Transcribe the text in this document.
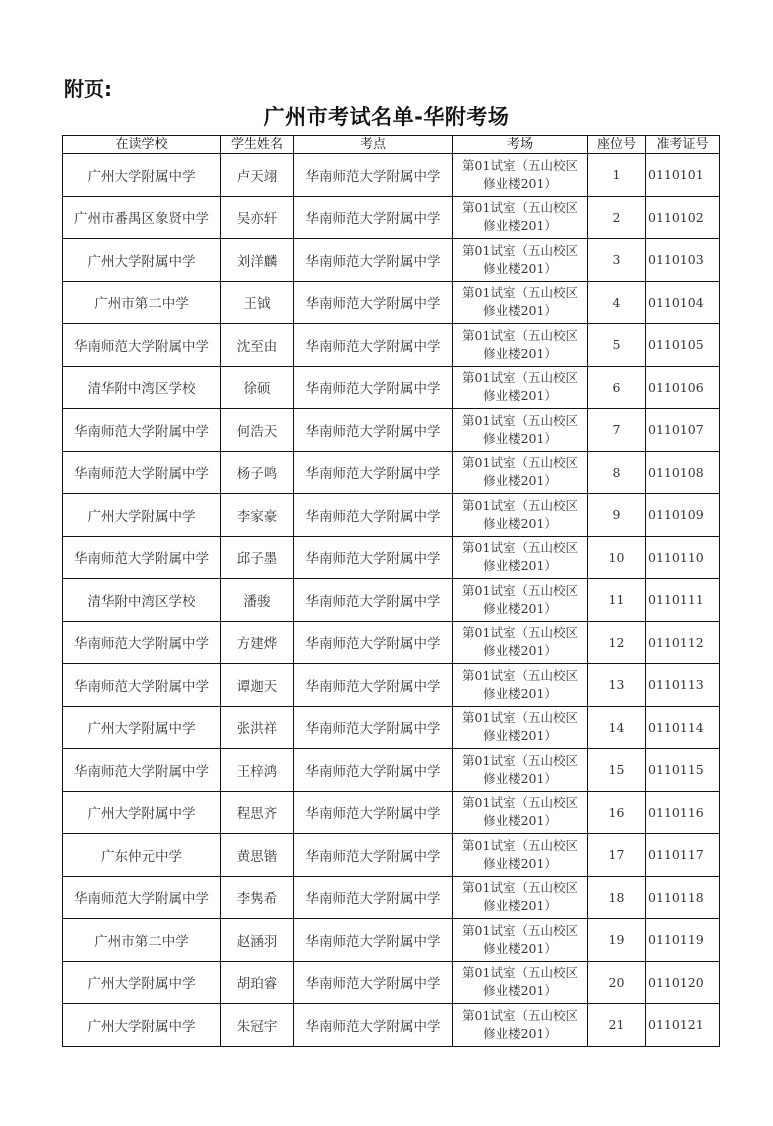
附页:
广州市考试名单-华附考场
在读学校	学生姓名	考点	考场	座位号	准考证号
广州大学附属中学	卢天翊	华南师范大学附属中学	第01试室（五山校区
修业楼201）	1	0110101
广州市番禺区象贤中学	吴亦轩	华南师范大学附属中学	第01试室（五山校区
修业楼201）	2	0110102
广州大学附属中学	刘洋麟	华南师范大学附属中学	第01试室（五山校区
修业楼201）	3	0110103
广州市第二中学	王钺	华南师范大学附属中学	第01试室（五山校区
修业楼201）	4	0110104
华南师范大学附属中学	沈至由	华南师范大学附属中学	第01试室（五山校区
修业楼201）	5	0110105
清华附中湾区学校	徐硕	华南师范大学附属中学	第01试室（五山校区
修业楼201）	6	0110106
华南师范大学附属中学	何浩天	华南师范大学附属中学	第01试室（五山校区
修业楼201）	7	0110107
华南师范大学附属中学	杨子鸣	华南师范大学附属中学	第01试室（五山校区
修业楼201）	8	0110108
广州大学附属中学	李家豪	华南师范大学附属中学	第01试室（五山校区
修业楼201）	9	0110109
华南师范大学附属中学	邱子墨	华南师范大学附属中学	第01试室（五山校区
修业楼201）	10	0110110
清华附中湾区学校	潘骏	华南师范大学附属中学	第01试室（五山校区
修业楼201）	11	0110111
华南师范大学附属中学	方建烨	华南师范大学附属中学	第01试室（五山校区
修业楼201）	12	0110112
华南师范大学附属中学	谭迦天	华南师范大学附属中学	第01试室（五山校区
修业楼201）	13	0110113
广州大学附属中学	张洪祥	华南师范大学附属中学	第01试室（五山校区
修业楼201）	14	0110114
华南师范大学附属中学	王梓鸿	华南师范大学附属中学	第01试室（五山校区
修业楼201）	15	0110115
广州大学附属中学	程思齐	华南师范大学附属中学	第01试室（五山校区
修业楼201）	16	0110116
广东仲元中学	黄思锴	华南师范大学附属中学	第01试室（五山校区
修业楼201）	17	0110117
华南师范大学附属中学	李隽希	华南师范大学附属中学	第01试室（五山校区
修业楼201）	18	0110118
广州市第二中学	赵涵羽	华南师范大学附属中学	第01试室（五山校区
修业楼201）	19	0110119
广州大学附属中学	胡珀睿	华南师范大学附属中学	第01试室（五山校区
修业楼201）	20	0110120
广州大学附属中学	朱冠宇	华南师范大学附属中学	第01试室（五山校区
修业楼201）	21	0110121
